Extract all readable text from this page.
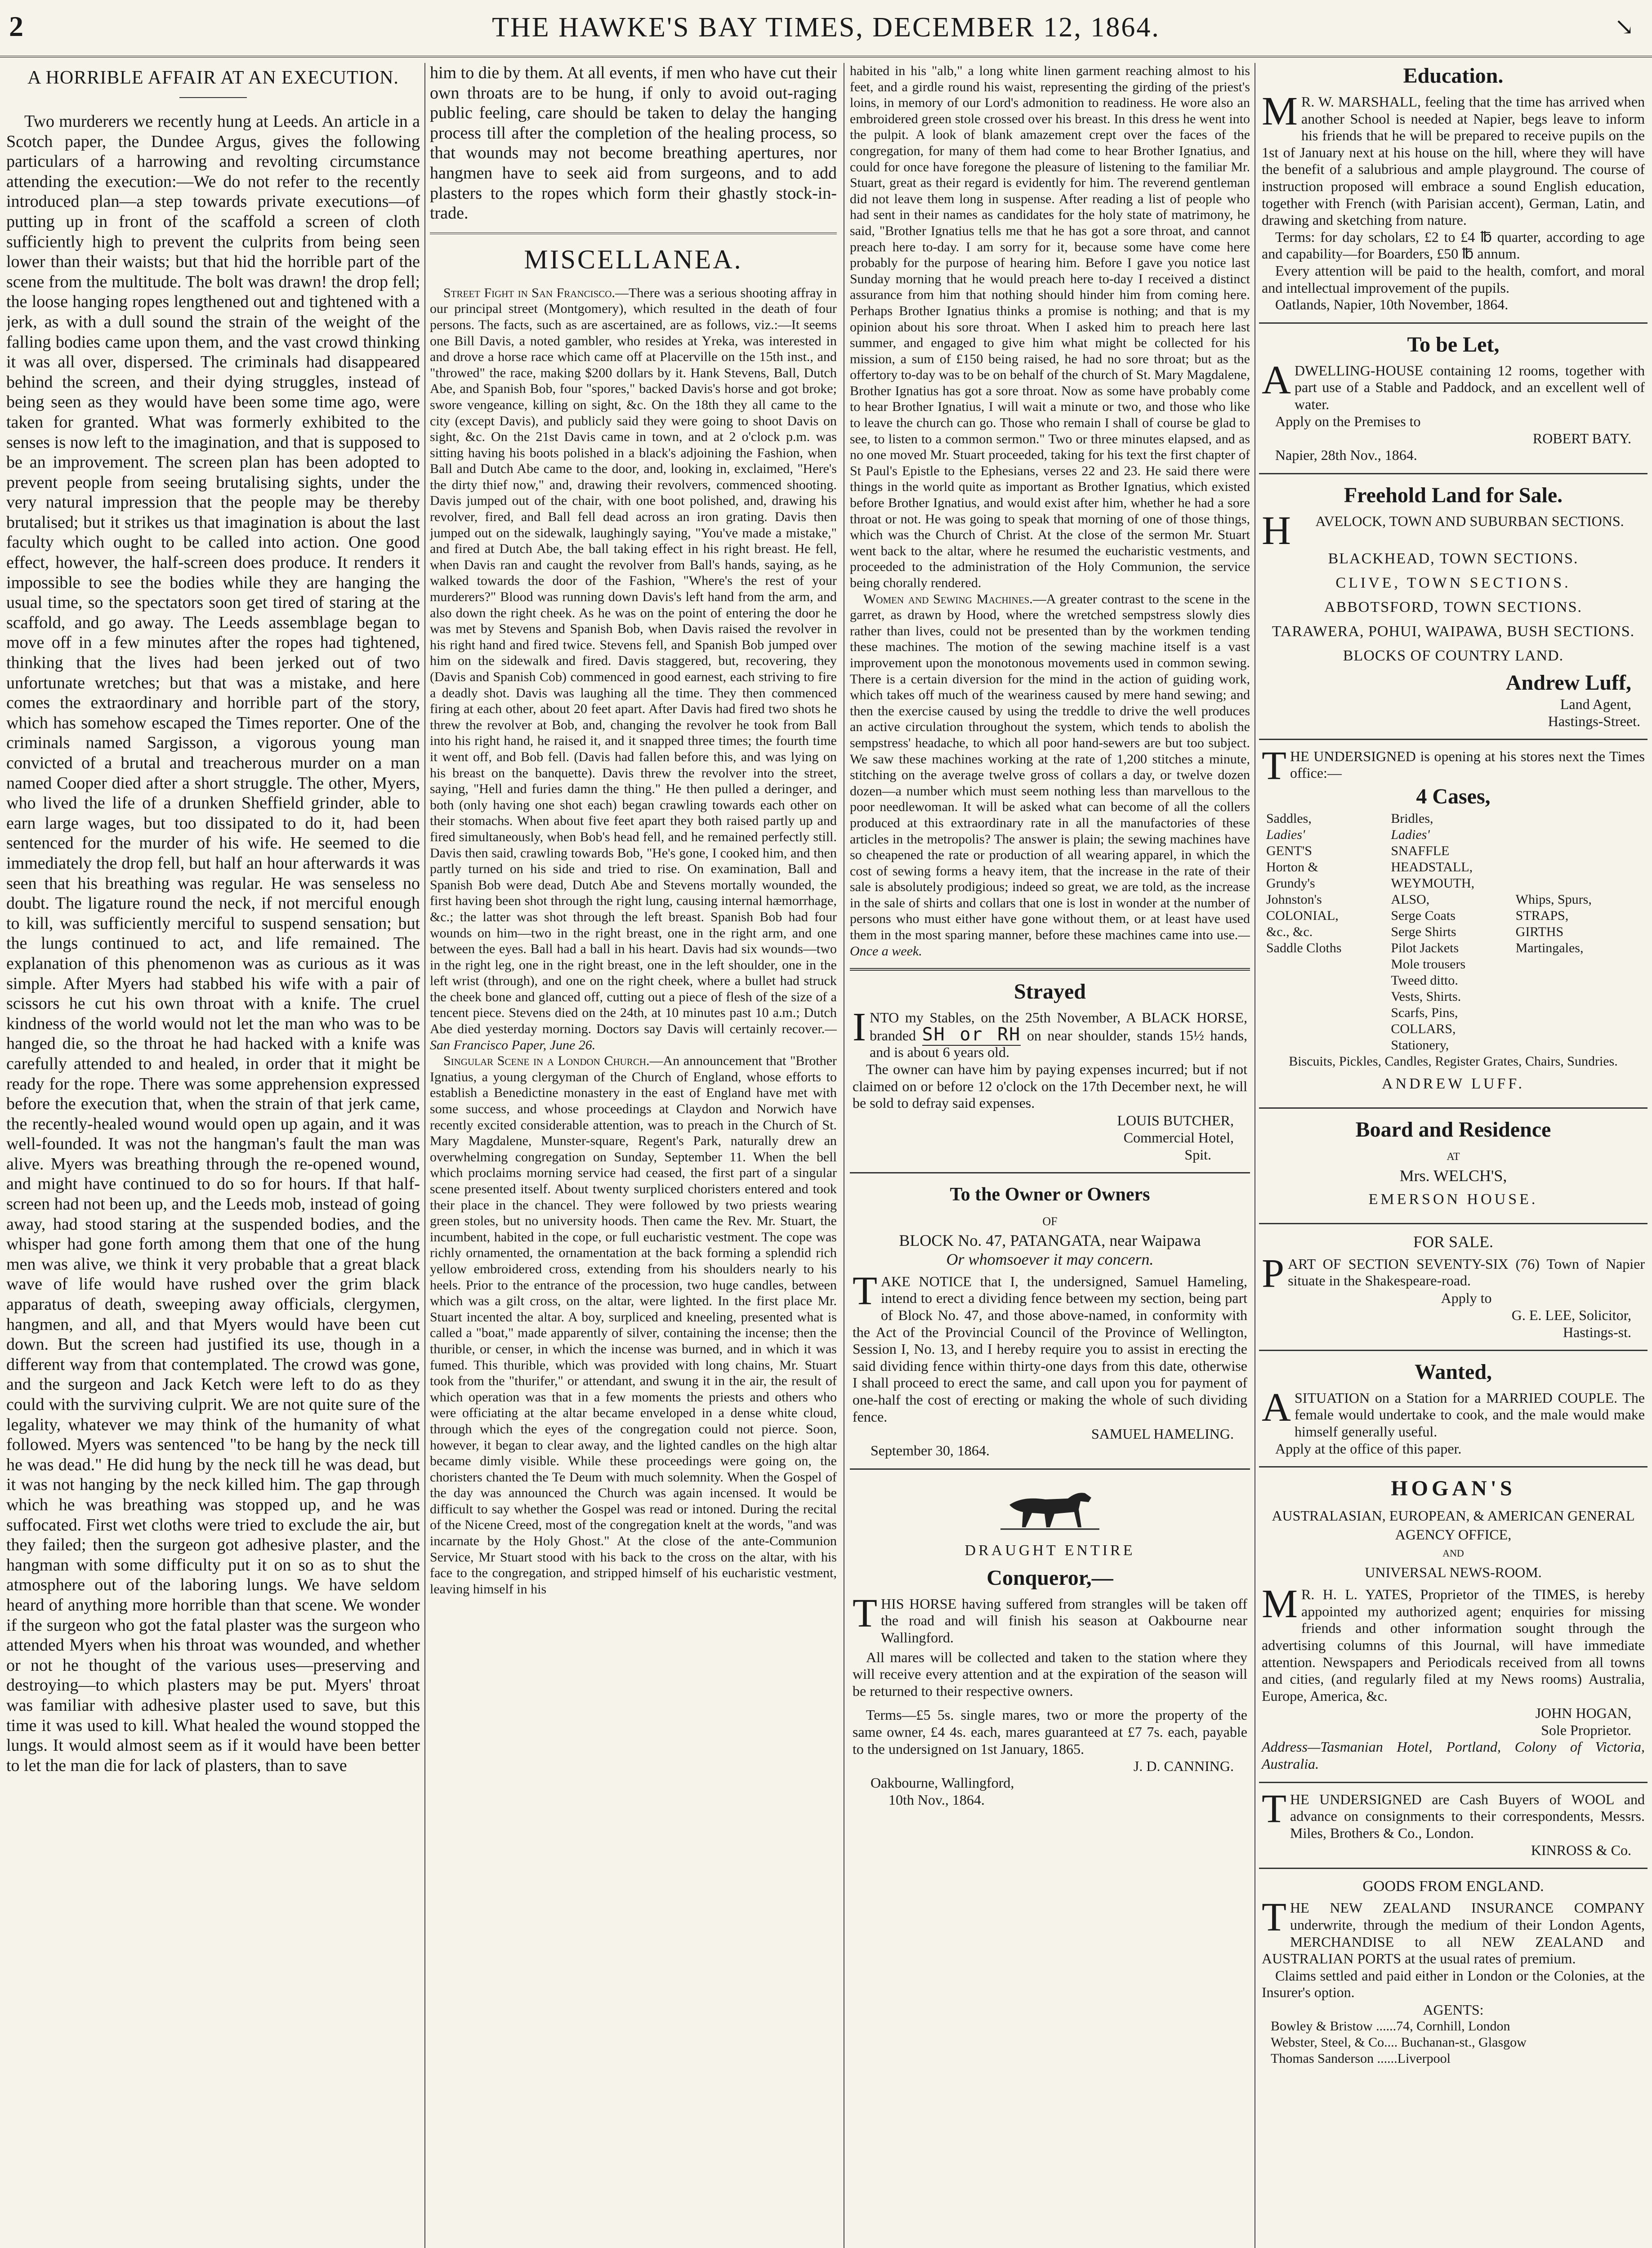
2	THE HAWKE'S BAY TIMES, DECEMBER 12, 1864.	↘
A HORRIBLE AFFAIR AT AN EXECUTION.

Two murderers we recently hung at Leeds. An article in a Scotch paper, the Dundee Argus, gives the following particulars of a harrowing and revolting circumstance attending the execution:—We do not refer to the recently introduced plan—a step towards private executions—of putting up in front of the scaffold a screen of cloth sufficiently high to prevent the culprits from being seen lower than their waists; but that hid the horrible part of the scene from the multitude. The bolt was drawn! the drop fell; the loose hanging ropes lengthened out and tightened with a jerk, as with a dull sound the strain of the weight of the falling bodies came upon them, and the vast crowd thinking it was all over, dispersed. The criminals had disappeared behind the screen, and their dying struggles, instead of being seen as they would have been some time ago, were taken for granted. What was formerly exhibited to the senses is now left to the imagination, and that is supposed to be an improvement. The screen plan has been adopted to prevent people from seeing brutalising sights, under the very natural impression that the people may be thereby brutalised; but it strikes us that imagination is about the last faculty which ought to be called into action. One good effect, however, the half-screen does produce. It renders it impossible to see the bodies while they are hanging the usual time, so the spectators soon get tired of staring at the scaffold, and go away. The Leeds assemblage began to move off in a few minutes after the ropes had tightened, thinking that the lives had been jerked out of two unfortunate wretches; but that was a mistake, and here comes the extraordinary and horrible part of the story, which has somehow escaped the Times reporter. One of the criminals named Sargisson, a vigorous young man convicted of a brutal and treacherous murder on a man named Cooper died after a short struggle. The other, Myers, who lived the life of a drunken Sheffield grinder, able to earn large wages, but too dissipated to do it, had been sentenced for the murder of his wife. He seemed to die immediately the drop fell, but half an hour afterwards it was seen that his breathing was regular. He was senseless no doubt. The ligature round the neck, if not merciful enough to kill, was sufficiently merciful to suspend sensation; but the lungs continued to act, and life remained. The explanation of this phenomenon was as curious as it was simple. After Myers had stabbed his wife with a pair of scissors he cut his own throat with a knife. The cruel kindness of the world would not let the man who was to be hanged die, so the throat he had hacked with a knife was carefully attended to and healed, in order that it might be ready for the rope. There was some apprehension expressed before the execution that, when the strain of that jerk came, the recently-healed wound would open up again, and it was well-founded. It was not the hangman's fault the man was alive. Myers was breathing through the re-opened wound, and might have continued to do so for hours. If that half-screen had not been up, and the Leeds mob, instead of going away, had stood staring at the suspended bodies, and the whisper had gone forth among them that one of the hung men was alive, we think it very probable that a great black wave of life would have rushed over the grim black apparatus of death, sweeping away officials, clergymen, hangmen, and all, and that Myers would have been cut down. But the screen had justified its use, though in a different way from that contemplated. The crowd was gone, and the surgeon and Jack Ketch were left to do as they could with the surviving culprit. We are not quite sure of the legality, whatever we may think of the humanity of what followed. Myers was sentenced "to be hang by the neck till he was dead." He did hung by the neck till he was dead, but it was not hanging by the neck killed him. The gap through which he was breathing was stopped up, and he was suffocated. First wet cloths were tried to exclude the air, but they failed; then the surgeon got adhesive plaster, and the hangman with some difficulty put it on so as to shut the atmosphere out of the laboring lungs. We have seldom heard of anything more horrible than that scene. We wonder if the surgeon who got the fatal plaster was the surgeon who attended Myers when his throat was wounded, and whether or not he thought of the various uses—preserving and destroying—to which plasters may be put. Myers' throat was familiar with adhesive plaster used to save, but this time it was used to kill. What healed the wound stopped the lungs. It would almost seem as if it would have been better to let the man die for lack of plasters, than to save

him to die by them. At all events, if men who have cut their own throats are to be hung, if only to avoid out-raging public feeling, care should be taken to delay the hanging process till after the completion of the healing process, so that wounds may not become breathing apertures, nor hangmen have to seek aid from surgeons, and to add plasters to the ropes which form their ghastly stock-in-trade.

MISCELLANEA.

Street Fight in San Francisco.—There was a serious shooting affray in our principal street (Montgomery), which resulted in the death of four persons. The facts, such as are ascertained, are as follows, viz.:—It seems one Bill Davis, a noted gambler, who resides at Yreka, was interested in and drove a horse race which came off at Placerville on the 15th inst., and "throwed" the race, making $200 dollars by it. Hank Stevens, Ball, Dutch Abe, and Spanish Bob, four "spores," backed Davis's horse and got broke; swore vengeance, killing on sight, &c. On the 18th they all came to the city (except Davis), and publicly said they were going to shoot Davis on sight, &c. On the 21st Davis came in town, and at 2 o'clock p.m. was sitting having his boots polished in a black's adjoining the Fashion, when Ball and Dutch Abe came to the door, and, looking in, exclaimed, "Here's the dirty thief now," and, drawing their revolvers, commenced shooting. Davis jumped out of the chair, with one boot polished, and, drawing his revolver, fired, and Ball fell dead across an iron grating. Davis then jumped out on the sidewalk, laughingly saying, "You've made a mistake," and fired at Dutch Abe, the ball taking effect in his right breast. He fell, when Davis ran and caught the revolver from Ball's hands, saying, as he walked towards the door of the Fashion, "Where's the rest of your murderers?" Blood was running down Davis's left hand from the arm, and also down the right cheek. As he was on the point of entering the door he was met by Stevens and Spanish Bob, when Davis raised the revolver in his right hand and fired twice. Stevens fell, and Spanish Bob jumped over him on the sidewalk and fired. Davis staggered, but, recovering, they (Davis and Spanish Cob) commenced in good earnest, each striving to fire a deadly shot. Davis was laughing all the time. They then commenced firing at each other, about 20 feet apart. After Davis had fired two shots he threw the revolver at Bob, and, changing the revolver he took from Ball into his right hand, he raised it, and it snapped three times; the fourth time it went off, and Bob fell. (Davis had fallen before this, and was lying on his breast on the banquette). Davis threw the revolver into the street, saying, "Hell and furies damn the thing." He then pulled a deringer, and both (only having one shot each) began crawling towards each other on their stomachs. When about five feet apart they both raised partly up and fired simultaneously, when Bob's head fell, and he remained perfectly still. Davis then said, crawling towards Bob, "He's gone, I cooked him, and then partly turned on his side and tried to rise. On examination, Ball and Spanish Bob were dead, Dutch Abe and Stevens mortally wounded, the first having been shot through the right lung, causing internal hæmorrhage, &c.; the latter was shot through the left breast. Spanish Bob had four wounds on him—two in the right breast, one in the right arm, and one between the eyes. Ball had a ball in his heart. Davis had six wounds—two in the right leg, one in the right breast, one in the left shoulder, one in the left wrist (through), and one on the right cheek, where a bullet had struck the cheek bone and glanced off, cutting out a piece of flesh of the size of a tencent piece. Stevens died on the 24th, at 10 minutes past 10 a.m.; Dutch Abe died yesterday morning. Doctors say Davis will certainly recover.—San Francisco Paper, June 26.

Singular Scene in a London Church.—An announcement that "Brother Ignatius, a young clergyman of the Church of England, whose efforts to establish a Benedictine monastery in the east of England have met with some success, and whose proceedings at Claydon and Norwich have recently excited considerable attention, was to preach in the Church of St. Mary Magdalene, Munster-square, Regent's Park, naturally drew an overwhelming congregation on Sunday, September 11. When the bell which proclaims morning service had ceased, the first part of a singular scene presented itself. About twenty surpliced choristers entered and took their place in the chancel. They were followed by two priests wearing green stoles, but no university hoods. Then came the Rev. Mr. Stuart, the incumbent, habited in the cope, or full eucharistic vestment. The cope was richly ornamented, the ornamentation at the back forming a splendid rich yellow embroidered cross, extending from his shoulders nearly to his heels. Prior to the entrance of the procession, two huge candles, between which was a gilt cross, on the altar, were lighted. In the first place Mr. Stuart incented the altar. A boy, surpliced and kneeling, presented what is called a "boat," made apparently of silver, containing the incense; then the thurible, or censer, in which the incense was burned, and in which it was fumed. This thurible, which was provided with long chains, Mr. Stuart took from the "thurifer," or attendant, and swung it in the air, the result of which operation was that in a few moments the priests and others who were officiating at the altar became enveloped in a dense white cloud, through which the eyes of the congregation could not pierce. Soon, however, it began to clear away, and the lighted candles on the high altar became dimly visible. While these proceedings were going on, the choristers chanted the Te Deum with much solemnity. When the Gospel of the day was announced the Church was again incensed. It would be difficult to say whether the Gospel was read or intoned. During the recital of the Nicene Creed, most of the congregation knelt at the words, "and was incarnate by the Holy Ghost." At the close of the ante-Communion Service, Mr Stuart stood with his back to the cross on the altar, with his face to the congregation, and stripped himself of his eucharistic vestment, leaving himself in his

habited in his "alb," a long white linen garment reaching almost to his feet, and a girdle round his waist, representing the girding of the priest's loins, in memory of our Lord's admonition to readiness. He wore also an embroidered green stole crossed over his breast. In this dress he went into the pulpit. A look of blank amazement crept over the faces of the congregation, for many of them had come to hear Brother Ignatius, and could for once have foregone the pleasure of listening to the familiar Mr. Stuart, great as their regard is evidently for him. The reverend gentleman did not leave them long in suspense. After reading a list of people who had sent in their names as candidates for the holy state of matrimony, he said, "Brother Ignatius tells me that he has got a sore throat, and cannot preach here to-day. I am sorry for it, because some have come here probably for the purpose of hearing him. Before I gave you notice last Sunday morning that he would preach here to-day I received a distinct assurance from him that nothing should hinder him from coming here. Perhaps Brother Ignatius thinks a promise is nothing; and that is my opinion about his sore throat. When I asked him to preach here last summer, and engaged to give him what might be collected for his mission, a sum of £150 being raised, he had no sore throat; but as the offertory to-day was to be on behalf of the church of St. Mary Magdalene, Brother Ignatius has got a sore throat. Now as some have probably come to hear Brother Ignatius, I will wait a minute or two, and those who like to leave the church can go. Those who remain I shall of course be glad to see, to listen to a common sermon." Two or three minutes elapsed, and as no one moved Mr. Stuart proceeded, taking for his text the first chapter of St Paul's Epistle to the Ephesians, verses 22 and 23. He said there were things in the world quite as important as Brother Ignatius, which existed before Brother Ignatius, and would exist after him, whether he had a sore throat or not. He was going to speak that morning of one of those things, which was the Church of Christ. At the close of the sermon Mr. Stuart went back to the altar, where he resumed the eucharistic vestments, and proceeded to the administration of the Holy Communion, the service being chorally rendered.

Women and Sewing Machines.—A greater contrast to the scene in the garret, as drawn by Hood, where the wretched sempstress slowly dies rather than lives, could not be presented than by the workmen tending these machines. The motion of the sewing machine itself is a vast improvement upon the monotonous movements used in common sewing. There is a certain diversion for the mind in the action of guiding work, which takes off much of the weariness caused by mere hand sewing; and then the exercise caused by using the treddle to drive the well produces an active circulation throughout the system, which tends to abolish the sempstress' headache, to which all poor hand-sewers are but too subject. We saw these machines working at the rate of 1,200 stitches a minute, stitching on the average twelve gross of collars a day, or twelve dozen dozen—a number which must seem nothing less than marvellous to the poor needlewoman. It will be asked what can become of all the collers produced at this extraordinary rate in all the manufactories of these articles in the metropolis? The answer is plain; the sewing machines have so cheapened the rate or production of all wearing apparel, in which the cost of sewing forms a heavy item, that the increase in the rate of their sale is absolutely prodigious; indeed so great, we are told, as the increase in the sale of shirts and collars that one is lost in wonder at the number of persons who must either have gone without them, or at least have used them in the most sparing manner, before these machines came into use.—Once a week.

Strayed

INTO my Stables, on the 25th November, A BLACK HORSE, branded SH or RH on near shoulder, stands 15½ hands, and is about 6 years old.

The owner can have him by paying expenses incurred; but if not claimed on or before 12 o'clock on the 17th December next, he will be sold to defray said expenses.

LOUIS BUTCHER,
Commercial Hotel,
Spit.
To the Owner or Owners
OF
BLOCK No. 47, PATANGATA, near Waipawa
Or whomsoever it may concern.

TAKE NOTICE that I, the undersigned, Samuel Hameling, intend to erect a dividing fence between my section, being part of Block No. 47, and those above-named, in conformity with the Act of the Provincial Council of the Province of Wellington, Session I, No. 13, and I hereby require you to assist in erecting the said dividing fence within thirty-one days from this date, otherwise I shall proceed to erect the same, and call upon you for payment of one-half the cost of erecting or making the whole of such dividing fence.

SAMUEL HAMELING.
September 30, 1864.
DRAUGHT ENTIRE
Conqueror,—

THIS HORSE having suffered from strangles will be taken off the road and will finish his season at Oakbourne near Wallingford.

All mares will be collected and taken to the station where they will receive every attention and at the expiration of the season will be returned to their respective owners.

Terms—£5 5s. single mares, two or more the property of the same owner, £4 4s. each, mares guaranteed at £7 7s. each, payable to the undersigned on 1st January, 1865.

J. D. CANNING.
Oakbourne, Wallingford,
10th Nov., 1864.
Education.

M R. W. MARSHALL, feeling that the time has arrived when another School is needed at Napier, begs leave to inform his friends that he will be prepared to receive pupils on the 1st of January next at his house on the hill, where they will have the benefit of a salubrious and ample playground. The course of instruction proposed will embrace a sound English education, together with French (with Parisian accent), German, Latin, and drawing and sketching from nature.

Terms: for day scholars, £2 to £4 ℔ quarter, according to age and capability—for Boarders, £50 ℔ annum.

Every attention will be paid to the health, comfort, and moral and intellectual improvement of the pupils.

Oatlands, Napier, 10th November, 1864.

To be Let,

ADWELLING-HOUSE containing 12 rooms, together with part use of a Stable and Paddock, and an excellent well of water.

Apply on the Premises to

ROBERT BATY.

Napier, 28th Nov., 1864.

Freehold Land for Sale.

H AVELOCK, TOWN AND SUBURBAN SECTIONS.

BLACKHEAD, TOWN SECTIONS.
CLIVE, TOWN SECTIONS.
ABBOTSFORD, TOWN SECTIONS.
TARAWERA, POHUI, WAIPAWA, BUSH SECTIONS.
BLOCKS OF COUNTRY LAND.
Andrew Luff,
Land Agent,
Hastings-Street.

THE UNDERSIGNED is opening at his stores next the Times office:—

4 Cases,
Saddles,
Ladies'
GENT'S
Horton &
Grundy's
Johnston's
COLONIAL,
&c., &c.
Saddle Cloths
Bridles,
Ladies'
SNAFFLE
HEADSTALL,
WEYMOUTH,
ALSO,
Serge Coats
Serge Shirts
Pilot Jackets
Mole trousers
Tweed ditto.
Vests, Shirts.
Scarfs, Pins,
COLLARS,
Stationery,

Whips, Spurs,
STRAPS,
GIRTHS
Martingales,
Biscuits, Pickles, Candles, Register Grates, Chairs, Sundries.
ANDREW LUFF.
Board and Residence
AT
Mrs. WELCH'S,
EMERSON HOUSE.
FOR SALE.

PART OF SECTION SEVENTY-SIX (76) Town of Napier situate in the Shakespeare-road.

Apply to
G. E. LEE, Solicitor,
Hastings-st.
Wanted,

ASITUATION on a Station for a MARRIED COUPLE. The female would undertake to cook, and the male would make himself generally useful.

Apply at the office of this paper.

HOGAN'S
AUSTRALASIAN, EUROPEAN, & AMERICAN GENERAL AGENCY OFFICE,
AND
UNIVERSAL NEWS-ROOM.

M R. H. L. YATES, Proprietor of the TIMES, is hereby appointed my authorized agent; enquiries for missing friends and other information sought through the advertising columns of this Journal, will have immediate attention. Newspapers and Periodicals received from all towns and cities, (and regularly filed at my News rooms) Australia, Europe, America, &c.

JOHN HOGAN,
Sole Proprietor.

Address—Tasmanian Hotel, Portland, Colony of Victoria, Australia.

THE UNDERSIGNED are Cash Buyers of WOOL and advance on consignments to their correspondents, Messrs. Miles, Brothers & Co., London.

KINROSS & Co.
GOODS FROM ENGLAND.

THE NEW ZEALAND INSURANCE COMPANY underwrite, through the medium of their London Agents, MERCHANDISE to all NEW ZEALAND and AUSTRALIAN PORTS at the usual rates of premium.

Claims settled and paid either in London or the Colonies, at the Insurer's option.

AGENTS:
Bowley & Bristow ......74, Cornhill, London
Webster, Steel, & Co.... Buchanan-st., Glasgow
Thomas Sanderson ......Liverpool
